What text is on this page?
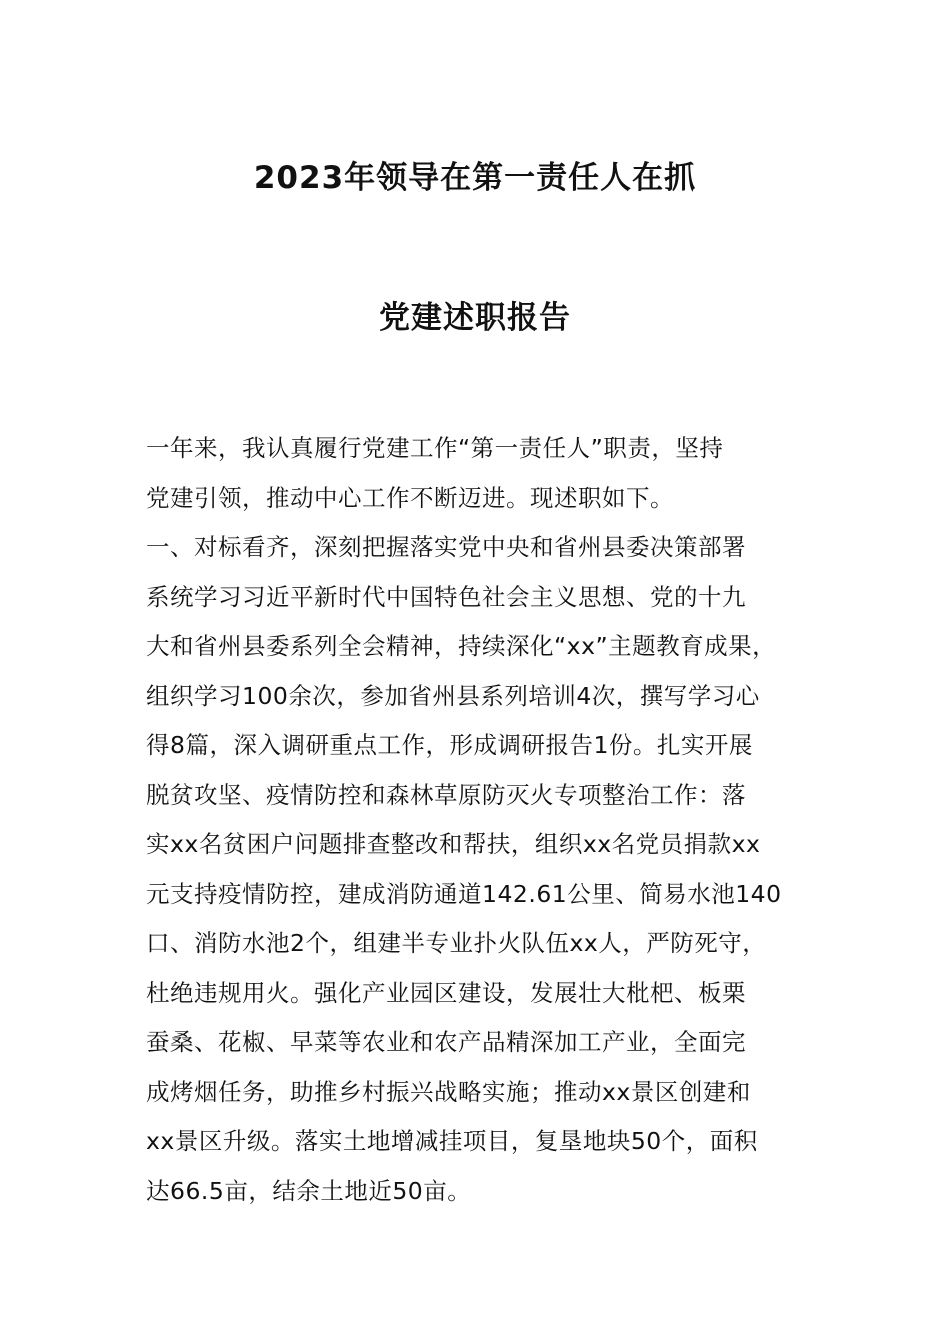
2023年领导在第一责任人在抓
党建述职报告
一年来，我认真履行党建工作“第一责任人”职责，坚持
党建引领，推动中心工作不断迈进。现述职如下。
一、对标看齐，深刻把握落实党中央和省州县委决策部署
系统学习习近平新时代中国特色社会主义思想、党的十九
大和省州县委系列全会精神，持续深化“xx”主题教育成果，
组织学习100余次，参加省州县系列培训4次，撰写学习心
得8篇，深入调研重点工作，形成调研报告1份。扎实开展
脱贫攻坚、疫情防控和森林草原防灭火专项整治工作：落
实xx名贫困户问题排查整改和帮扶，组织xx名党员捐款xx
元支持疫情防控，建成消防通道142.61公里、简易水池140
口、消防水池2个，组建半专业扑火队伍xx人，严防死守，
杜绝违规用火。强化产业园区建设，发展壮大枇杷、板栗
蚕桑、花椒、早菜等农业和农产品精深加工产业，全面完
成烤烟任务，助推乡村振兴战略实施；推动xx景区创建和
xx景区升级。落实土地增减挂项目，复垦地块50个，面积
达66.5亩，结余土地近50亩。
